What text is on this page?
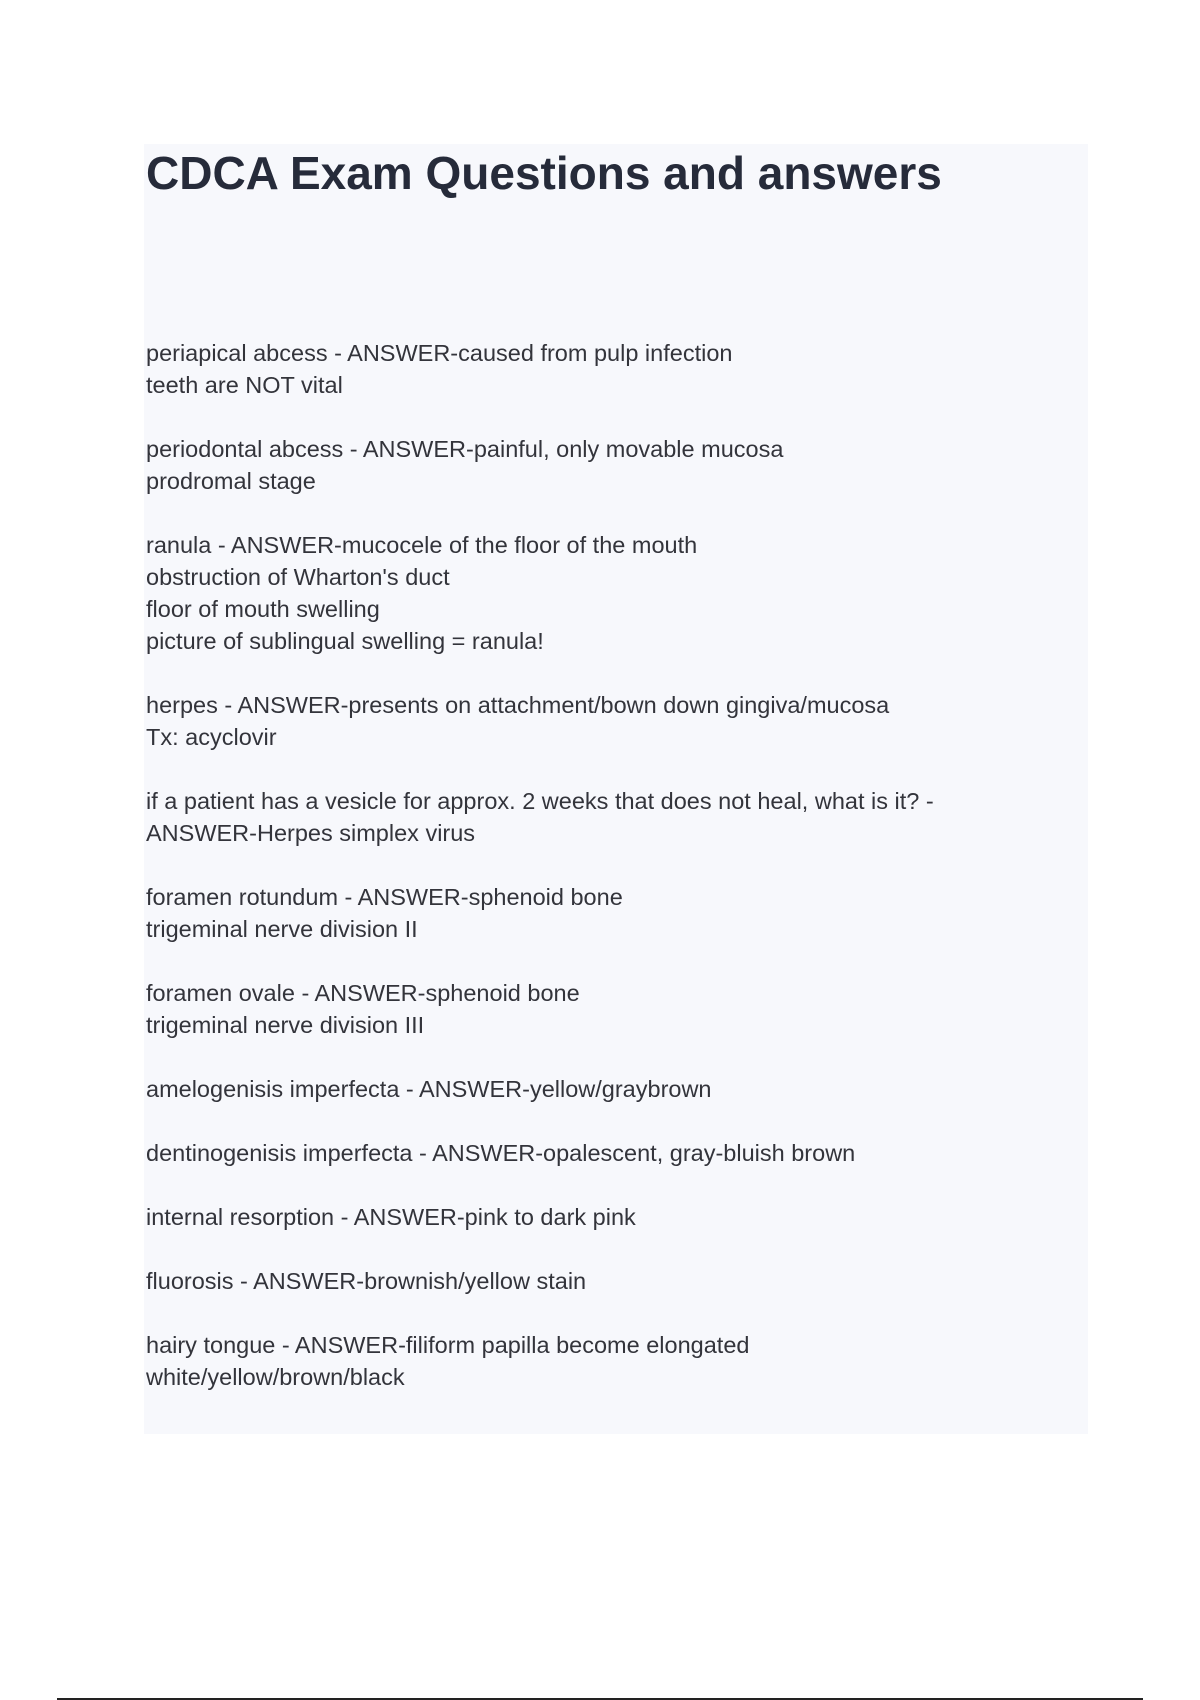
CDCA Exam Questions and answers
periapical abcess - ANSWER-caused from pulp infection
teeth are NOT vital
periodontal abcess - ANSWER-painful, only movable mucosa
prodromal stage
ranula - ANSWER-mucocele of the floor of the mouth
obstruction of Wharton's duct
floor of mouth swelling
picture of sublingual swelling = ranula!
herpes - ANSWER-presents on attachment/bown down gingiva/mucosa
Tx: acyclovir
if a patient has a vesicle for approx. 2 weeks that does not heal, what is it? -
ANSWER-Herpes simplex virus
foramen rotundum - ANSWER-sphenoid bone
trigeminal nerve division II
foramen ovale - ANSWER-sphenoid bone
trigeminal nerve division III
amelogenisis imperfecta - ANSWER-yellow/graybrown
dentinogenisis imperfecta - ANSWER-opalescent, gray-bluish brown
internal resorption - ANSWER-pink to dark pink
fluorosis - ANSWER-brownish/yellow stain
hairy tongue - ANSWER-filiform papilla become elongated
white/yellow/brown/black
